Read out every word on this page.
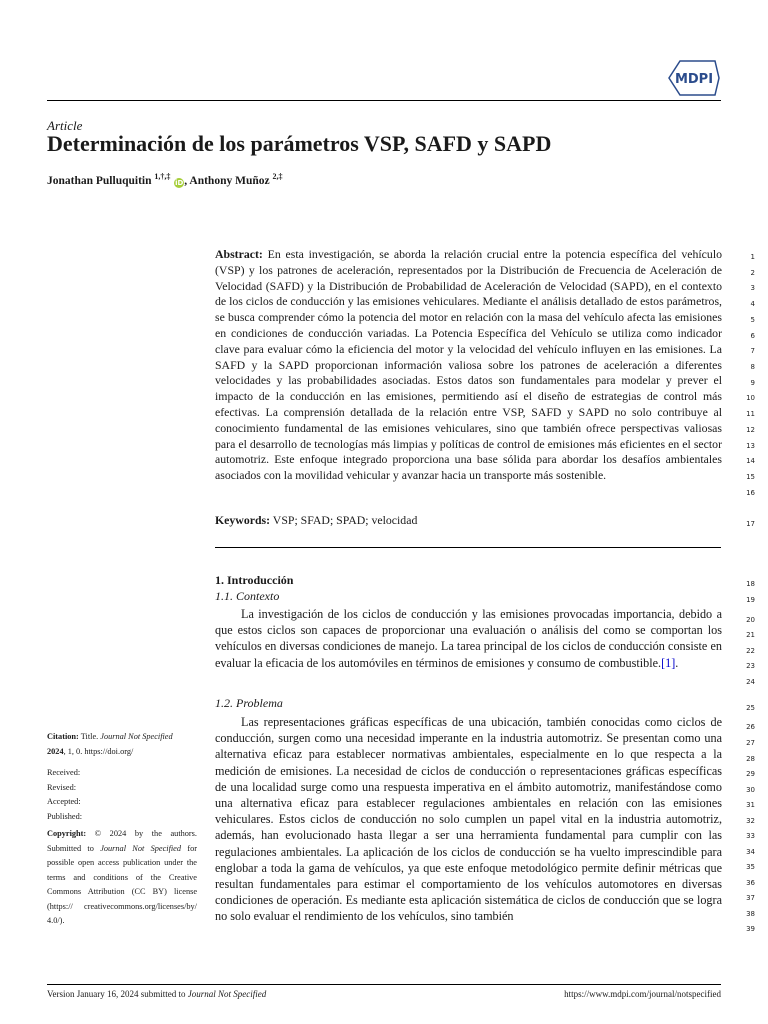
MDPI
Article
Determinación de los parámetros VSP, SAFD y SAPD
Jonathan Pulluquitin $^{1,\dagger,\ddagger}$ iD, Anthony Muñoz $^{2,\ddagger}$
Abstract: En esta investigación, se aborda la relación crucial entre la potencia específica del vehículo (VSP) y los patrones de aceleración, representados por la Distribución de Frecuencia de Aceleración de Velocidad (SAFD) y la Distribución de Probabilidad de Aceleración de Velocidad (SAPD), en el contexto de los ciclos de conducción y las emisiones vehiculares. Mediante el análisis detallado de estos parámetros, se busca comprender cómo la potencia del motor en relación con la masa del vehículo afecta las emisiones en condiciones de conducción variadas. La Potencia Específica del Vehículo se utiliza como indicador clave para evaluar cómo la eficiencia del motor y la velocidad del vehículo influyen en las emisiones. La SAFD y la SAPD proporcionan información valiosa sobre los patrones de aceleración a diferentes velocidades y las probabilidades asociadas. Estos datos son fundamentales para modelar y prever el impacto de la conducción en las emisiones, permitiendo así el diseño de estrategias de control más efectivas. La comprensión detallada de la relación entre VSP, SAFD y SAPD no solo contribuye al conocimiento fundamental de las emisiones vehiculares, sino que también ofrece perspectivas valiosas para el desarrollo de tecnologías más limpias y políticas de control de emisiones más eficientes en el sector automotriz. Este enfoque integrado proporciona una base sólida para abordar los desafíos ambientales asociados con la movilidad vehicular y avanzar hacia un transporte más sostenible.
Keywords: VSP; SFAD; SPAD; velocidad
1. Introducción
1.1. Contexto

La investigación de los ciclos de conducción y las emisiones provocadas importancia, debido a que estos ciclos son capaces de proporcionar una evaluación o análisis del como se comportan los vehículos en diversas condiciones de manejo. La tarea principal de los ciclos de conducción consiste en evaluar la eficacia de los automóviles en términos de emisiones y consumo de combustible.[1].

1.2. Problema

Las representaciones gráficas específicas de una ubicación, también conocidas como ciclos de conducción, surgen como una necesidad imperante en la industria automotriz. Se presentan como una alternativa eficaz para establecer normativas ambientales, especialmente en lo que respecta a la medición de emisiones. La necesidad de ciclos de conducción o representaciones gráficas específicas de una localidad surge como una respuesta imperativa en el ámbito automotriz, manifestándose como una alternativa eficaz para establecer regulaciones ambientales en relación con las emisiones vehiculares. Estos ciclos de conducción no solo cumplen un papel vital en la industria automotriz, además, han evolucionado hasta llegar a ser una herramienta fundamental para cumplir con las regulaciones ambientales. La aplicación de los ciclos de conducción se ha vuelto imprescindible para englobar a toda la gama de vehículos, ya que este enfoque metodológico permite definir métricas que resultan fundamentales para estimar el comportamiento de los vehículos automotores en diversas condiciones de operación. Es mediante esta aplicación sistemática de ciclos de conducción que se logra no solo evaluar el rendimiento de los vehículos, sino también

1
2
3
4
5
6
7
8
9
10
11
12
13
14
15
16
17
18
19
20
21
22
23
24
25
26
27
28
29
30
31
32
33
34
35
36
37
38
39
Citation: Title. Journal Not Specified
2024, 1, 0. https://doi.org/
Received:
Revised:
Accepted:
Published:
Copyright: © 2024 by the authors. Submitted to Journal Not Specified for possible open access publication under the terms and conditions of the Creative Commons Attribution (CC BY) license (https:// creativecommons.org/licenses/by/ 4.0/).
Version January 16, 2024 submitted to Journal Not Specified	https://www.mdpi.com/journal/notspecified
